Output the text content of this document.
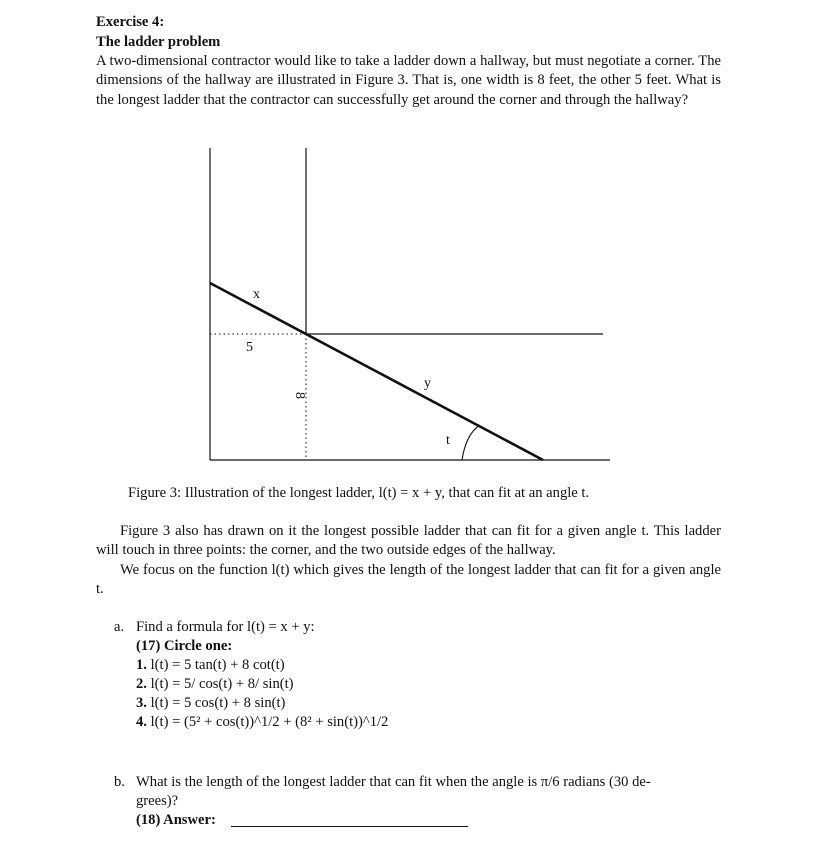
Exercise 4:
The ladder problem
A two-dimensional contractor would like to take a ladder down a hallway, but must negotiate a corner. The dimensions of the hallway are illustrated in Figure 3. That is, one width is 8 feet, the other 5 feet. What is the longest ladder that the contractor can successfully get around the corner and through the hallway?
x
5
8
y
t
Figure 3: Illustration of the longest ladder, l(t) = x + y, that can fit at an angle t.
Figure 3 also has drawn on it the longest possible ladder that can fit for a given angle t. This ladder will touch in three points: the corner, and the two outside edges of the hallway.
We focus on the function l(t) which gives the length of the longest ladder that can fit for a given angle t.
a. Find a formula for l(t) = x + y:
(17) Circle one:
1. l(t) = 5 tan(t) + 8 cot(t)
2. l(t) = 5/ cos(t) + 8/ sin(t)
3. l(t) = 5 cos(t) + 8 sin(t)
4. l(t) = (5² + cos(t))^1/2 + (8² + sin(t))^1/2
b. What is the length of the longest ladder that can fit when the angle is π/6 radians (30 de-
grees)?
(18) Answer:
